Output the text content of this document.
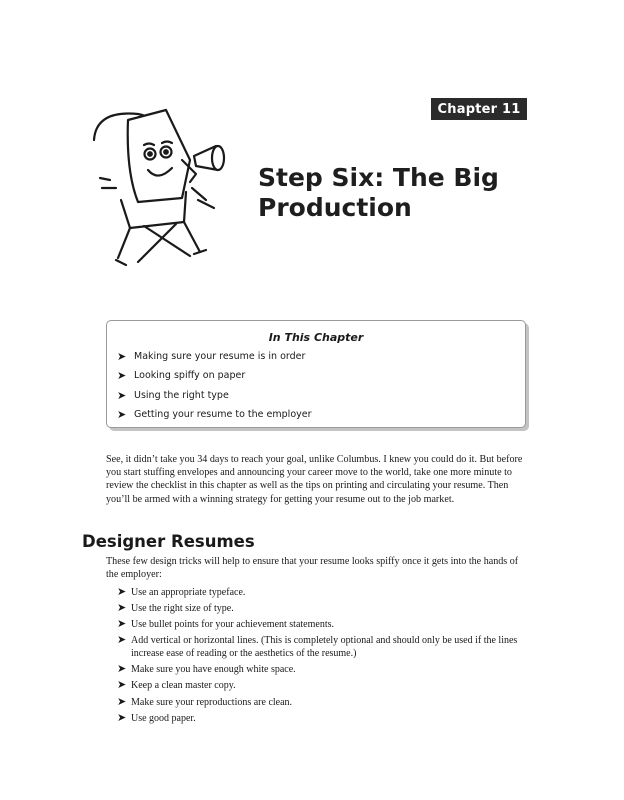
Chapter 11
Step Six: The Big
Production
In This Chapter
➤ Making sure your resume is in order
➤ Looking spiffy on paper
➤ Using the right type
➤ Getting your resume to the employer

See, it didn’t take you 34 days to reach your goal, unlike Columbus. I knew you could do it. But before you start stuffing envelopes and announcing your career move to the world, take one more minute to review the checklist in this chapter as well as the tips on printing and circulating your resume. Then you’ll be armed with a winning strategy for getting your resume out to the job market.

Designer Resumes

These few design tricks will help to ensure that your resume looks spiffy once it gets into the hands of the employer:

➤ Use an appropriate typeface.
➤ Use the right size of type.
➤ Use bullet points for your achievement statements.
➤ Add vertical or horizontal lines. (This is completely optional and should only be used if the lines increase ease of reading or the aesthetics of the resume.)
➤ Make sure you have enough white space.
➤ Keep a clean master copy.
➤ Make sure your reproductions are clean.
➤ Use good paper.
